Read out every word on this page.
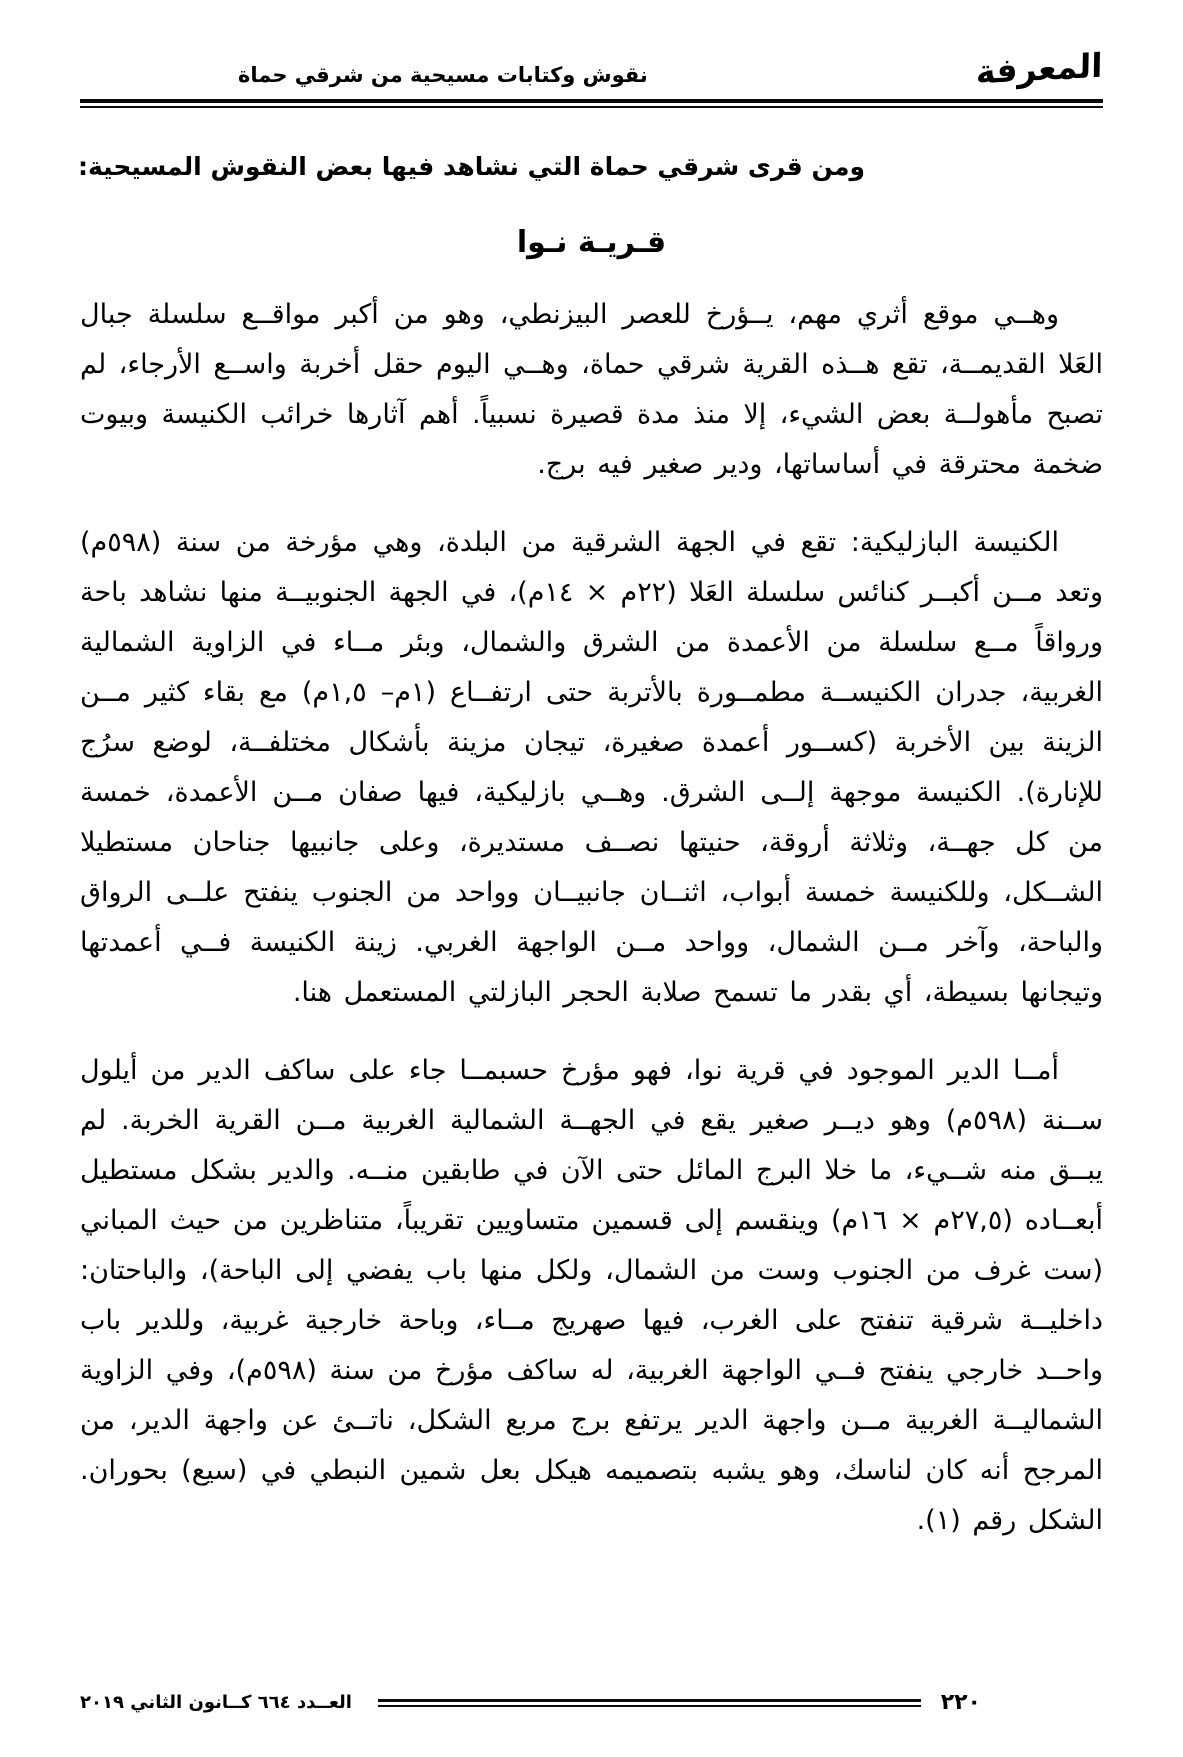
نقوش وكتابات مسيحية من شرقي حماة	المعرفة
ومن قرى شرقي حماة التي نشاهد فيها بعض النقوش المسيحية:
قـريـة نـوا

وهــي موقع أثري مهم، يــؤرخ للعصر البيزنطي، وهو من أكبر مواقــع سلسلة جبال العَلا القديمــة، تقع هــذه القرية شرقي حماة، وهــي اليوم حقل أخربة واســع الأرجاء، لم تصبح مأهولــة بعض الشيء، إلا منذ مدة قصيرة نسبياً. أهم آثارها خرائب الكنيسة وبيوت ضخمة محترقة في أساساتها، ودير صغير فيه برج.

الكنيسة البازليكية: تقع في الجهة الشرقية من البلدة، وهي مؤرخة من سنة (٥٩٨م) وتعد مــن أكبــر كنائس سلسلة العَلا (٢٢م × ١٤م)، في الجهة الجنوبيــة منها نشاهد باحة ورواقاً مــع سلسلة من الأعمدة من الشرق والشمال، وبئر مــاء في الزاوية الشمالية الغربية، جدران الكنيســة مطمــورة بالأتربة حتى ارتفــاع (١م– ١,٥م) مع بقاء كثير مــن الزينة بين الأخربة (كســور أعمدة صغيرة، تيجان مزينة بأشكال مختلفــة، لوضع سرُج للإنارة). الكنيسة موجهة إلــى الشرق. وهــي بازليكية، فيها صفان مــن الأعمدة، خمسة من كل جهــة، وثلاثة أروقة، حنيتها نصــف مستديرة، وعلى جانبيها جناحان مستطيلا الشــكل، وللكنيسة خمسة أبواب، اثنــان جانبيــان وواحد من الجنوب ينفتح علــى الرواق والباحة، وآخر مــن الشمال، وواحد مــن الواجهة الغربي. زينة الكنيسة فــي أعمدتها وتيجانها بسيطة، أي بقدر ما تسمح صلابة الحجر البازلتي المستعمل هنا.

أمــا الدير الموجود في قرية نوا، فهو مؤرخ حسبمــا جاء على ساكف الدير من أيلول ســنة (٥٩٨م) وهو ديــر صغير يقع في الجهــة الشمالية الغربية مــن القرية الخربة. لم يبــق منه شــيء، ما خلا البرج المائل حتى الآن في طابقين منــه. والدير بشكل مستطيل أبعــاده (٢٧,٥م × ١٦م) وينقسم إلى قسمين متساويين تقريباً، متناظرين من حيث المباني (ست غرف من الجنوب وست من الشمال، ولكل منها باب يفضي إلى الباحة)، والباحتان: داخليــة شرقية تنفتح على الغرب، فيها صهريج مــاء، وباحة خارجية غربية، وللدير باب واحــد خارجي ينفتح فــي الواجهة الغربية، له ساكف مؤرخ من سنة (٥٩٨م)، وفي الزاوية الشماليــة الغربية مــن واجهة الدير يرتفع برج مربع الشكل، ناتــئ عن واجهة الدير، من المرجح أنه كان لناسك، وهو يشبه بتصميمه هيكل بعل شمين النبطي في (سيع) بحوران. الشكل رقم (١).

العــدد ٦٦٤ كــانون الثاني ٢٠١٩	٢٢٠
